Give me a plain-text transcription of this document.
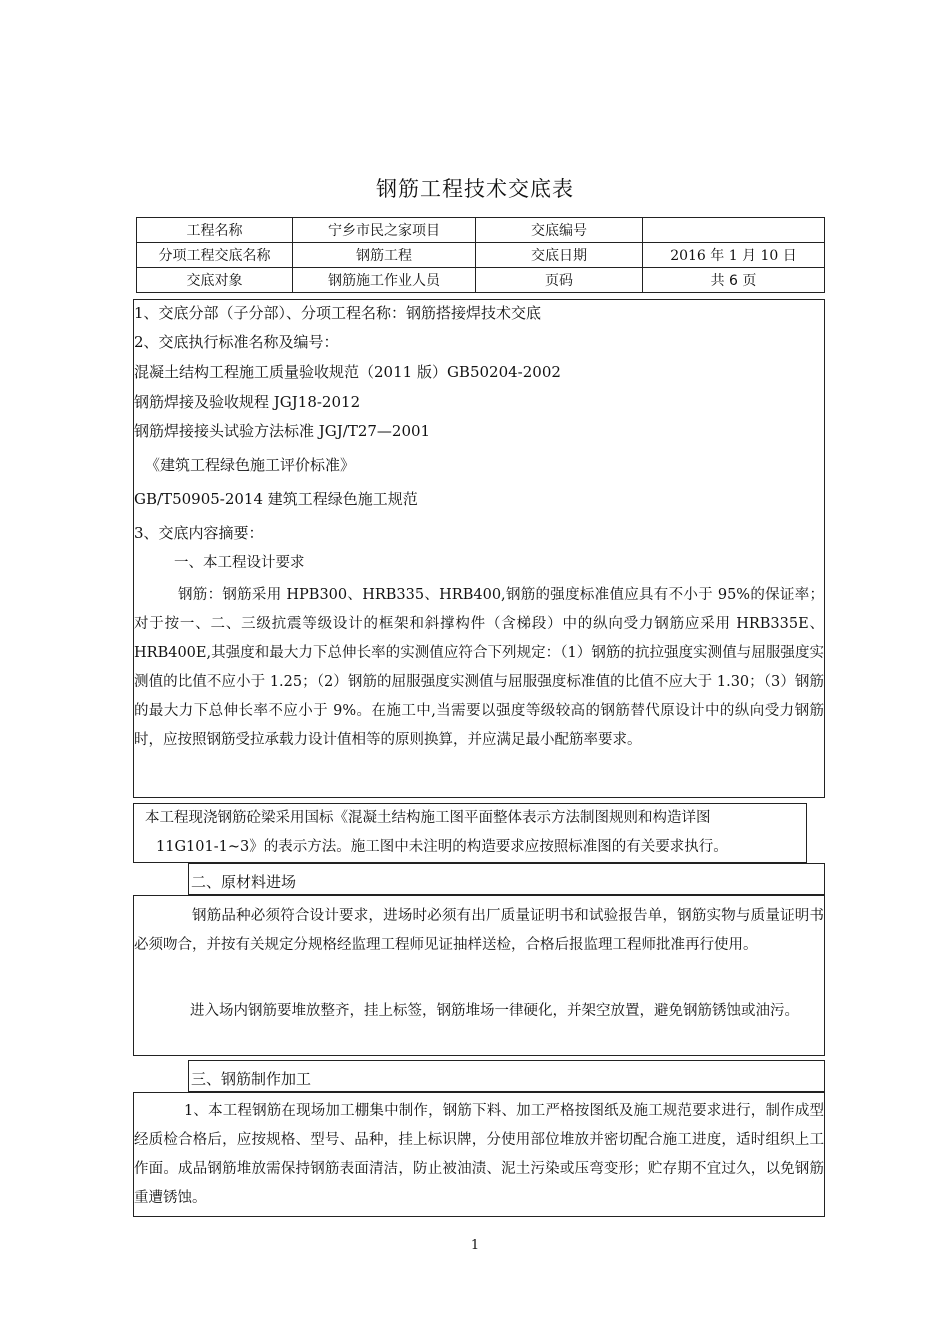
钢筋工程技术交底表
工程名称	宁乡市民之家项目	交底编号	
分项工程交底名称	钢筋工程	交底日期	2016 年 1 月 10 日
交底对象	钢筋施工作业人员	页码	共 6 页
1、交底分部（子分部）、分项工程名称：钢筋搭接焊技术交底
2、交底执行标准名称及编号：
混凝土结构工程施工质量验收规范（2011 版）GB50204-2002
钢筋焊接及验收规程 JGJ18-2012
钢筋焊接接头试验方法标准 JGJ/T27—2001
《建筑工程绿色施工评价标准》
GB/T50905-2014 建筑工程绿色施工规范
3、交底内容摘要：
一、本工程设计要求
钢筋：钢筋采用 HPB300、HRB335、HRB400,钢筋的强度标准值应具有不小于 95%的保证率；对于按一、二、三级抗震等级设计的框架和斜撑构件（含梯段）中的纵向受力钢筋应采用 HRB335E、HRB400E,其强度和最大力下总伸长率的实测值应符合下列规定：（1）钢筋的抗拉强度实测值与屈服强度实测值的比值不应小于 1.25；（2）钢筋的屈服强度实测值与屈服强度标准值的比值不应大于 1.30；（3）钢筋的最大力下总伸长率不应小于 9%。在施工中,当需要以强度等级较高的钢筋替代原设计中的纵向受力钢筋时，应按照钢筋受拉承载力设计值相等的原则换算，并应满足最小配筋率要求。
本工程现浇钢筋砼梁采用国标《混凝土结构施工图平面整体表示方法制图规则和构造详图
11G101-1~3》的表示方法。施工图中未注明的构造要求应按照标准图的有关要求执行。
二、原材料进场
钢筋品种必须符合设计要求，进场时必须有出厂质量证明书和试验报告单，钢筋实物与质量证明书必须吻合，并按有关规定分规格经监理工程师见证抽样送检，合格后报监理工程师批准再行使用。
进入场内钢筋要堆放整齐，挂上标签，钢筋堆场一律硬化，并架空放置，避免钢筋锈蚀或油污。
三、钢筋制作加工
1、本工程钢筋在现场加工棚集中制作，钢筋下料、加工严格按图纸及施工规范要求进行，制作成型经质检合格后，应按规格、型号、品种，挂上标识牌，分使用部位堆放并密切配合施工进度，适时组织上工作面。成品钢筋堆放需保持钢筋表面清洁，防止被油渍、泥土污染或压弯变形；贮存期不宜过久，以免钢筋重遭锈蚀。
1
